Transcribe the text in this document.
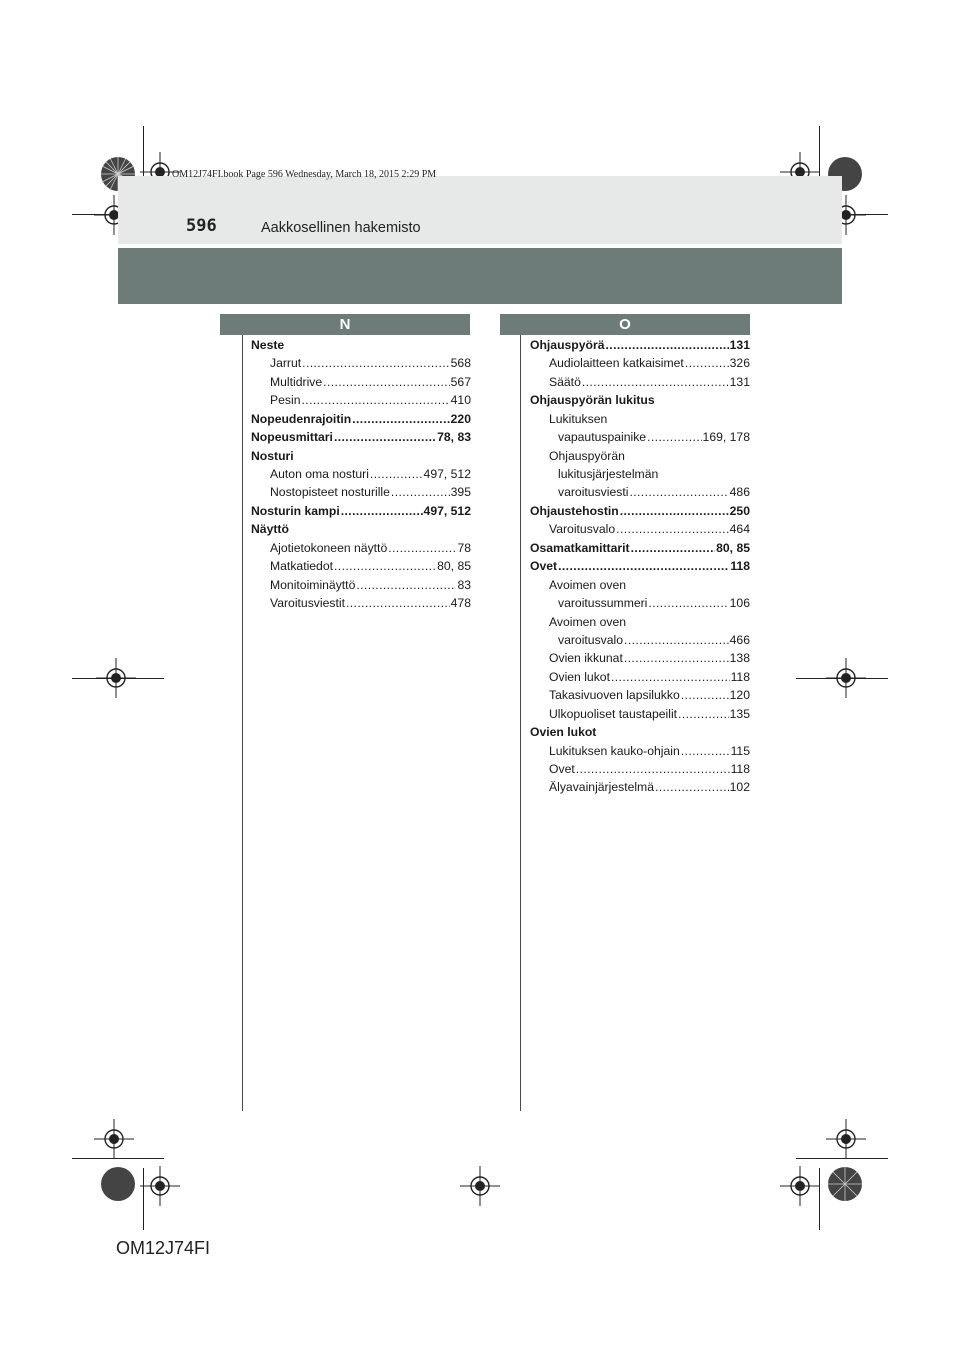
OM12J74FI.book Page 596 Wednesday, March 18, 2015 2:29 PM
596	Aakkosellinen hakemisto
N	O
Neste
Jarrut .....	568
Multidrive .....	567
Pesin .....	410
Nopeudenrajoitin .....	220
Nopeusmittari .....	78, 83
Nosturi
Auton oma nosturi .....	497, 512
Nostopisteet nosturille .....	395
Nosturin kampi .....	497, 512
Näyttö
Ajotietokoneen näyttö .....	78
Matkatiedot .....	80, 85
Monitoiminäyttö .....	83
Varoitusviestit .....	478
Ohjauspyörä .....	131
Audiolaitteen katkaisimet .....	326
Säätö .....	131
Ohjauspyörän lukitus
Lukituksen
vapautuspainike .....	169, 178
Ohjauspyörän
lukitusjärjestelmän
varoitusviesti .....	486
Ohjaustehostin .....	250
Varoitusvalo .....	464
Osamatkamittarit .....	80, 85
Ovet .....	118
Avoimen oven
varoitussummeri .....	106
Avoimen oven
varoitusvalo .....	466
Ovien ikkunat .....	138
Ovien lukot .....	118
Takasivuoven lapsilukko .....	120
Ulkopuoliset taustapeilit .....	135
Ovien lukot
Lukituksen kauko-ohjain .....	115
Ovet .....	118
Älyavainjärjestelmä .....	102
OM12J74FI
